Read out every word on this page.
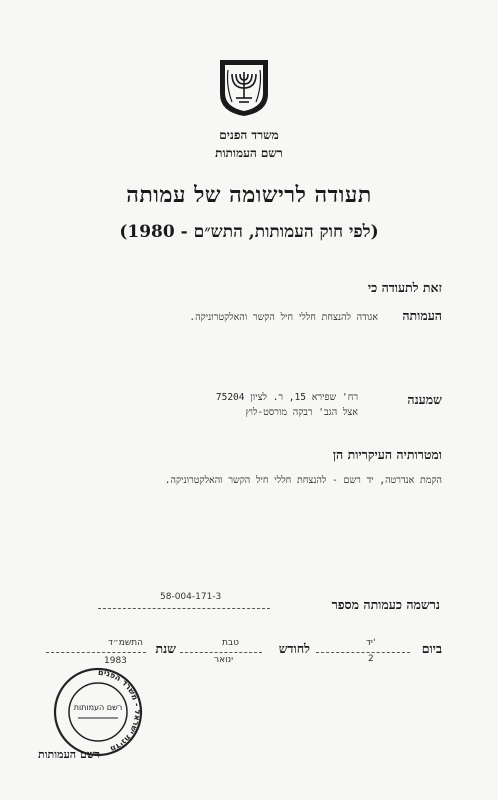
משרד הפנים
רשם העמותות
תעודה לרישומה של עמותה
(לפי חוק העמותות, התש״ם - 1980)
זאת לתעודה כי
העמותה
אגודה להנצחת חללי חיל הקשר והאלקטרוניקה.
שמענה
רח' שפירא 15, ר. לציון 75204
אצל הגב' רבקה מורסט-לוץ
ומטרותיה העיקריות הן
הקמת אנדרטה, יד רשם - להנצחת חללי חיל הקשר והאלקטרוניקה.
נרשמה כעמותה מספר
58-004-171-3
ביום
יד'
לחודש
טבת
שנת
התשמ״ד
2
ינואר
1983
מדינת ישראל - משרד הפנים
רשם העמותות
רשם העמותות
